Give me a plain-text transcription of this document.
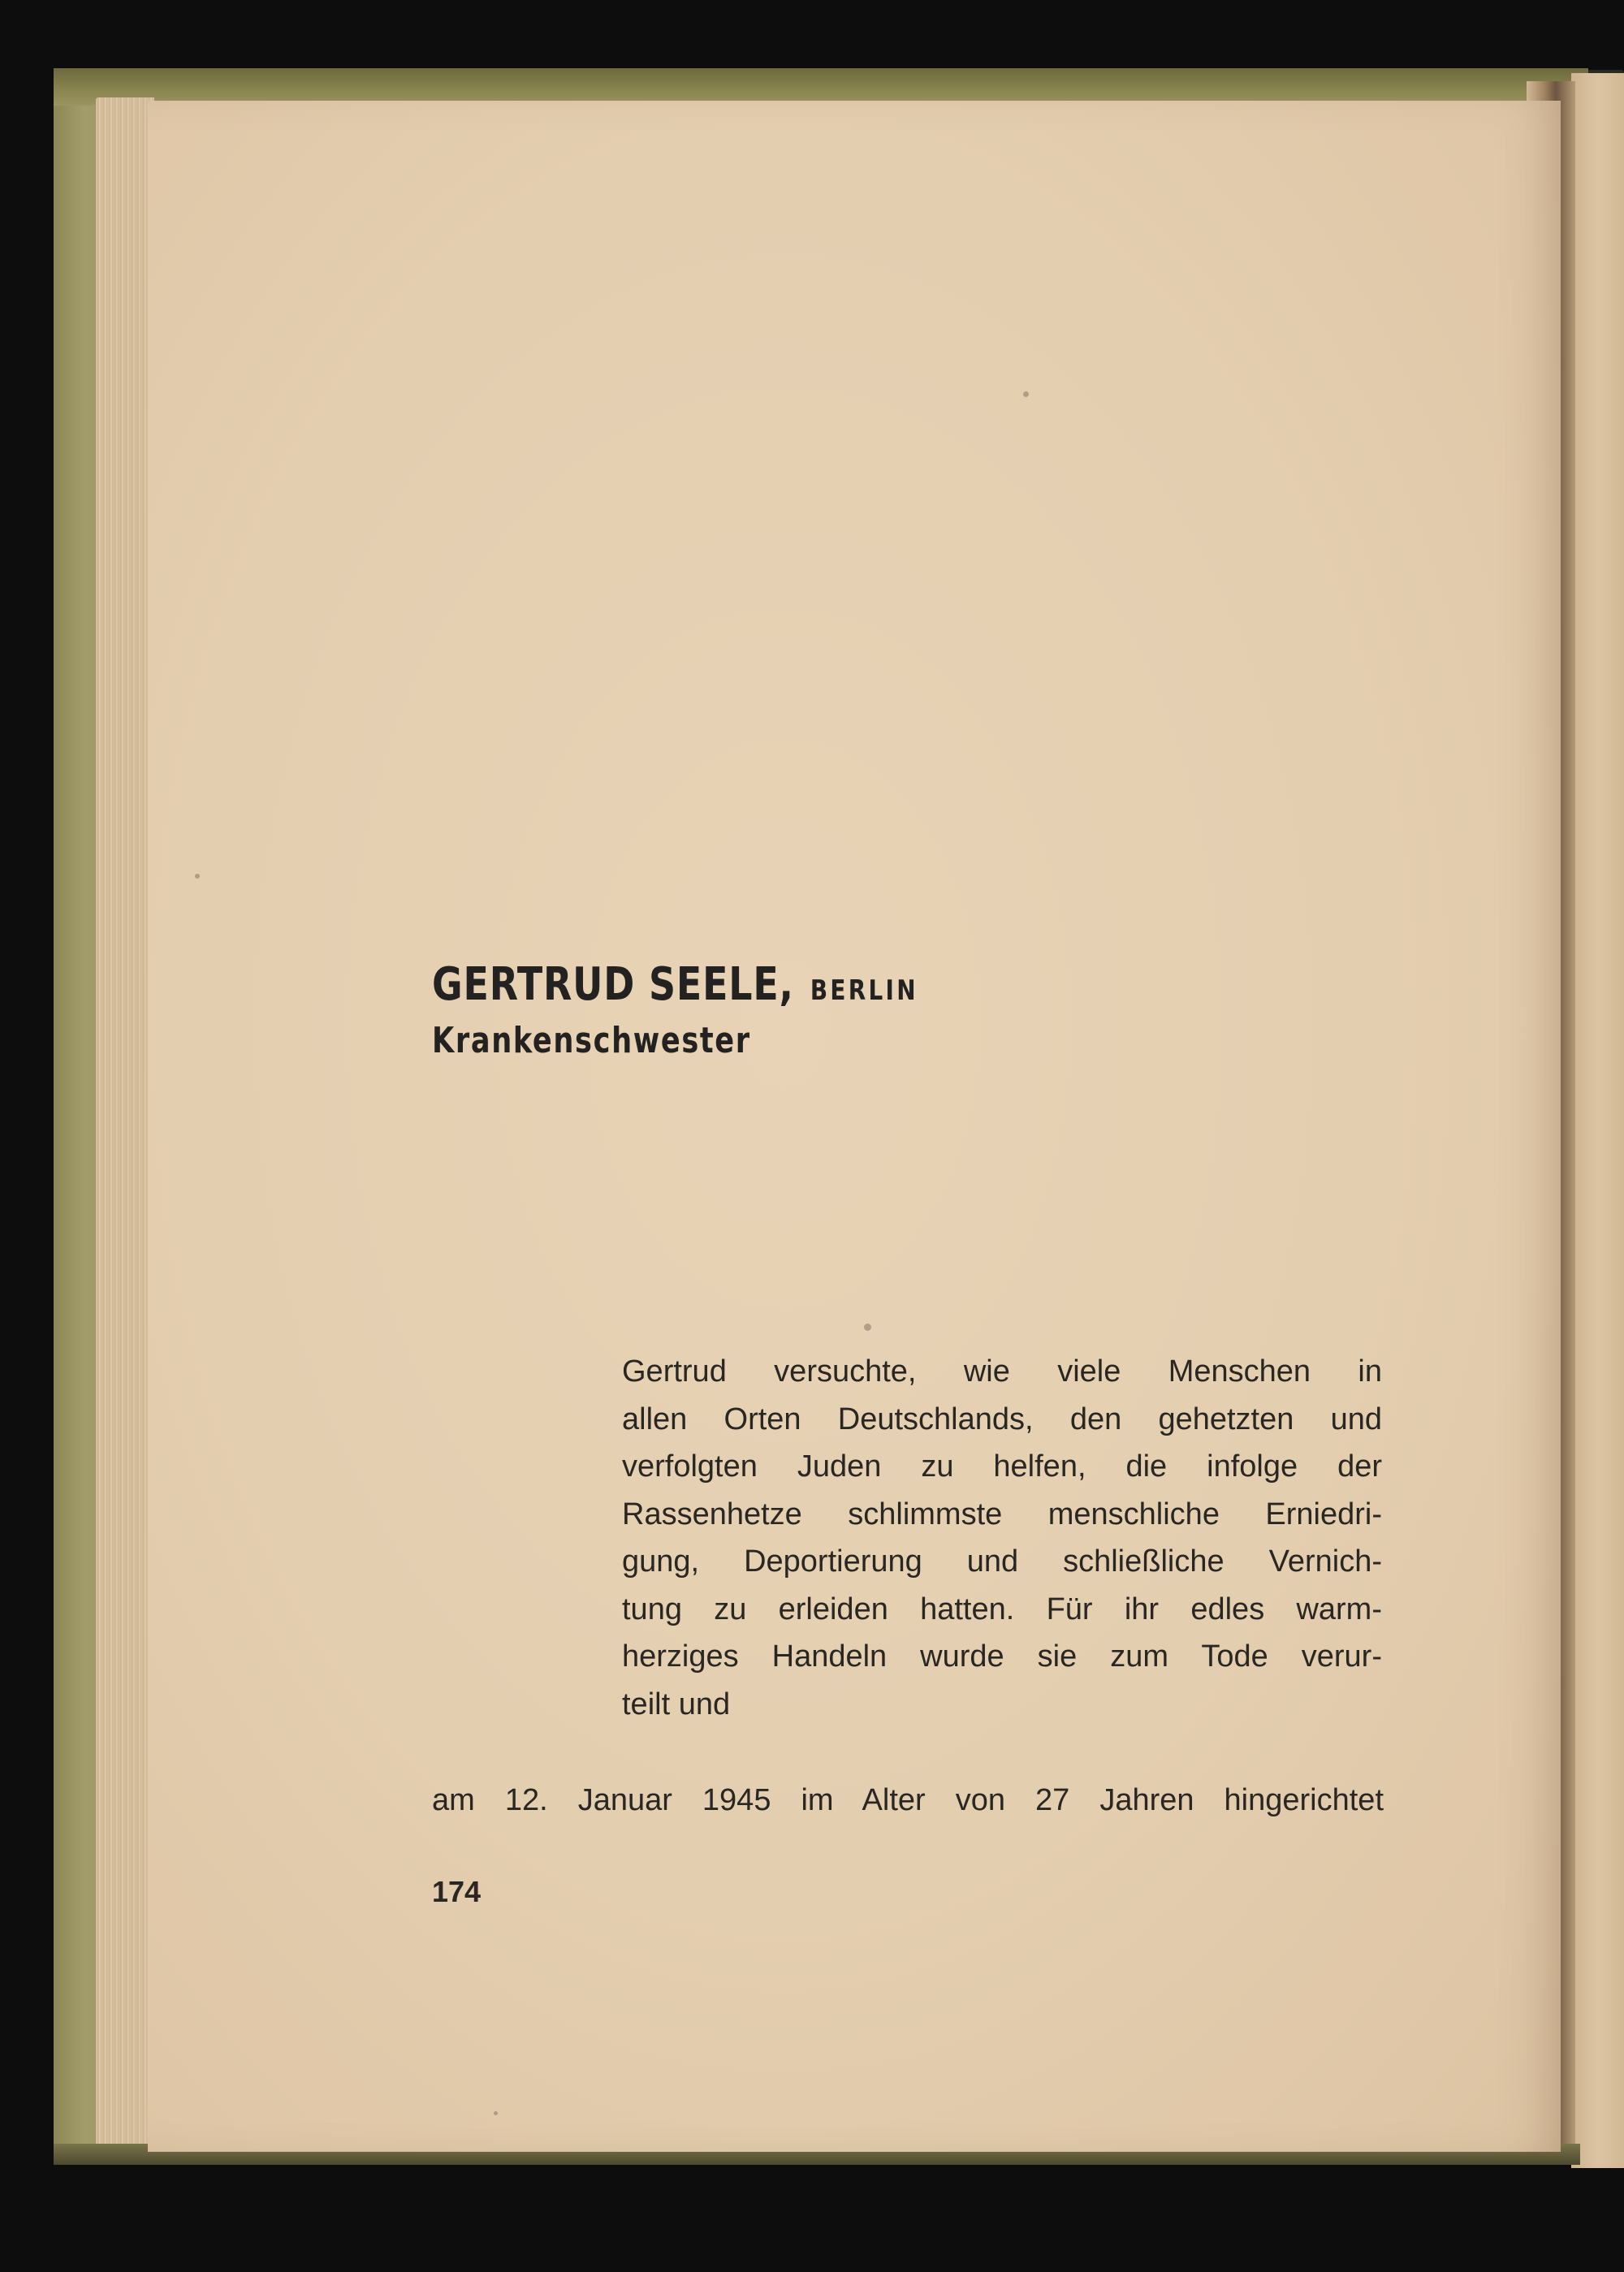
GERTRUD SEELE, BERLIN
Krankenschwester
Gertrud versuchte, wie viele Menschen in
allen Orten Deutschlands, den gehetzten und
verfolgten Juden zu helfen, die infolge der
Rassenhetze schlimmste menschliche Erniedri-
gung, Deportierung und schließliche Vernich-
tung zu erleiden hatten. Für ihr edles warm-
herziges Handeln wurde sie zum Tode verur-
teilt und

am 12. Januar 1945 im Alter von 27 Jahren hingerichtet

174
